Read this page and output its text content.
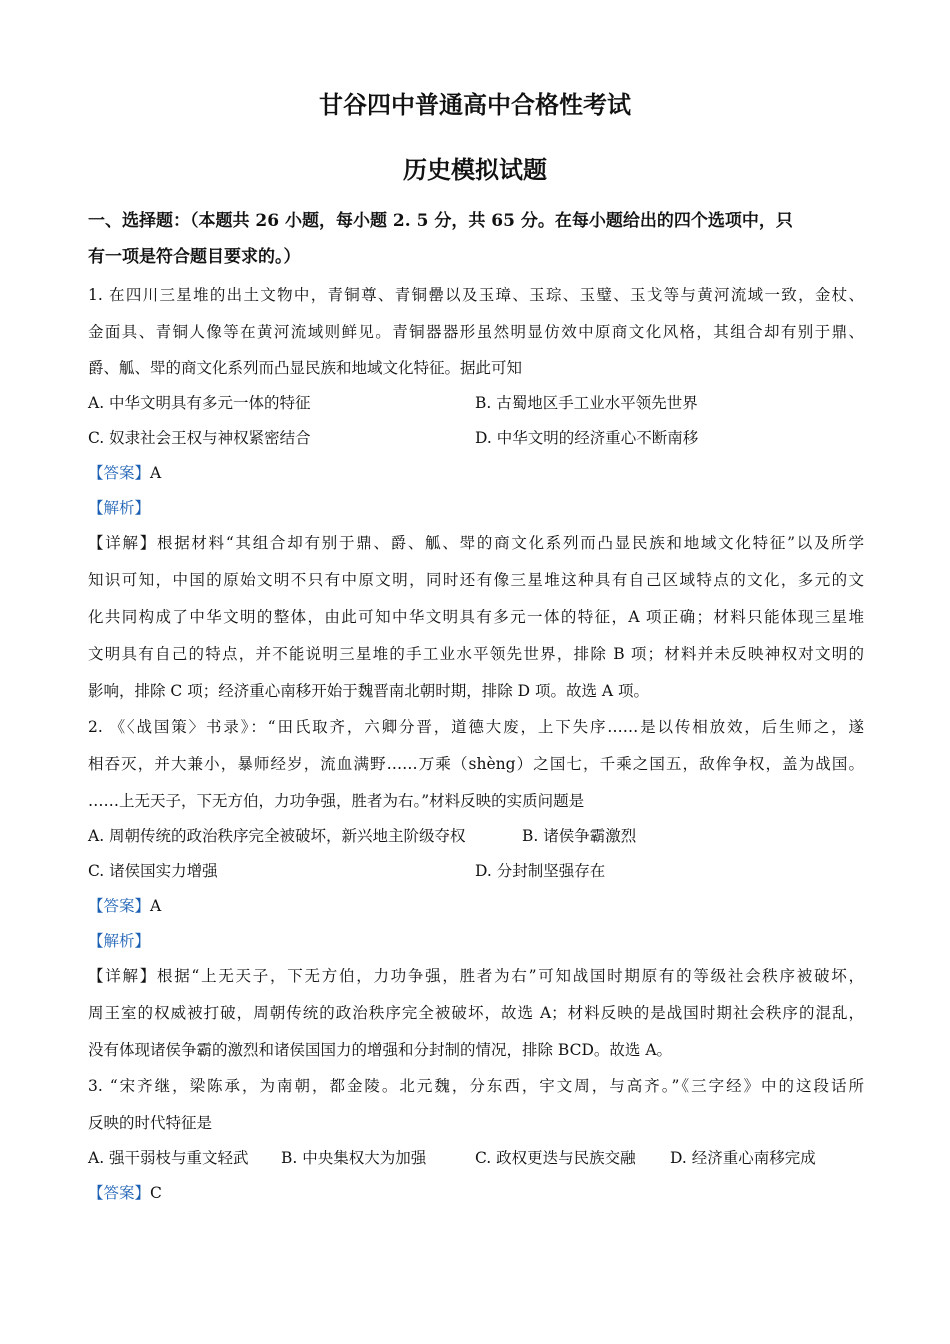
甘谷四中普通高中合格性考试
历史模拟试题
一、选择题：（本题共 26 小题，每小题 2. 5 分，共 65 分。在每小题给出的四个选项中，只
有一项是符合题目要求的。）
1. 在四川三星堆的出土文物中，青铜尊、青铜罍以及玉璋、玉琮、玉璧、玉戈等与黄河流域一致，金杖、
金面具、青铜人像等在黄河流域则鲜见。青铜器器形虽然明显仿效中原商文化风格，其组合却有别于鼎、
爵、觚、斝的商文化系列而凸显民族和地域文化特征。据此可知
A. 中华文明具有多元一体的特征	B. 古蜀地区手工业水平领先世界
C. 奴隶社会王权与神权紧密结合	D. 中华文明的经济重心不断南移
【答案】A
【解析】
【详解】根据材料“其组合却有别于鼎、爵、觚、斝的商文化系列而凸显民族和地域文化特征”以及所学
知识可知，中国的原始文明不只有中原文明，同时还有像三星堆这种具有自己区域特点的文化，多元的文
化共同构成了中华文明的整体，由此可知中华文明具有多元一体的特征，A 项正确；材料只能体现三星堆
文明具有自己的特点，并不能说明三星堆的手工业水平领先世界，排除 B 项；材料并未反映神权对文明的
影响，排除 C 项；经济重心南移开始于魏晋南北朝时期，排除 D 项。故选 A 项。
2. 《〈战国策〉书录》：“田氏取齐，六卿分晋，道德大废，上下失序……是以传相放效，后生师之，遂
相吞灭，并大兼小，暴师经岁，流血满野……万乘（shèng）之国七，千乘之国五，敌侔争权，盖为战国。
……上无天子，下无方伯，力功争强，胜者为右。”材料反映的实质问题是
A. 周朝传统的政治秩序完全被破坏，新兴地主阶级夺权	B. 诸侯争霸激烈
C. 诸侯国实力增强	D. 分封制坚强存在
【答案】A
【解析】
【详解】根据“上无天子，下无方伯，力功争强，胜者为右”可知战国时期原有的等级社会秩序被破坏，
周王室的权威被打破，周朝传统的政治秩序完全被破坏，故选 A；材料反映的是战国时期社会秩序的混乱，
没有体现诸侯争霸的激烈和诸侯国国力的增强和分封制的情况，排除 BCD。故选 A。
3. “宋齐继，梁陈承，为南朝，都金陵。北元魏，分东西，宇文周，与高齐。”《三字经》中的这段话所
反映的时代特征是
A. 强干弱枝与重文轻武 B. 中央集权大为加强	C. 政权更迭与民族交融 D. 经济重心南移完成
【答案】C
